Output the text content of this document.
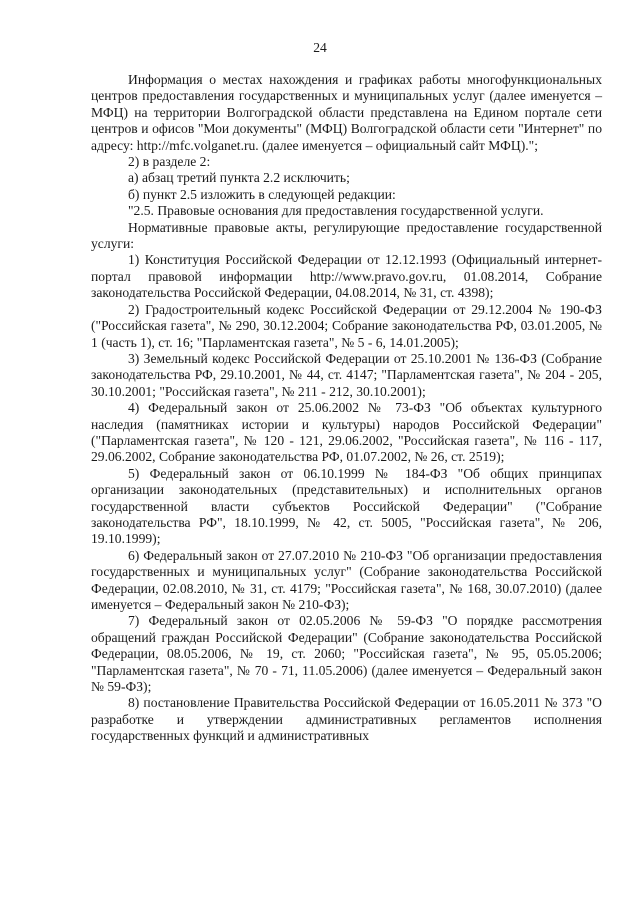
24

Информация о местах нахождения и графиках работы многофункциональных центров предоставления государственных и муниципальных услуг (далее именуется – МФЦ) на территории Волгоградской области представлена на Едином портале сети центров и офисов "Мои документы" (МФЦ) Волгоградской области сети "Интернет" по адресу: http://mfc.volganet.ru. (далее именуется – официальный сайт МФЦ).";

2) в разделе 2:

а) абзац третий пункта 2.2 исключить;

б) пункт 2.5 изложить в следующей редакции:

"2.5. Правовые основания для предоставления государственной услуги.

Нормативные правовые акты, регулирующие предоставление государственной услуги:

1) Конституция Российской Федерации от 12.12.1993 (Официальный интернет-портал правовой информации http://www.pravo.gov.ru, 01.08.2014, Собрание законодательства Российской Федерации, 04.08.2014, № 31, ст. 4398);

2) Градостроительный кодекс Российской Федерации от 29.12.2004 № 190-ФЗ ("Российская газета", № 290, 30.12.2004; Собрание законодательства РФ, 03.01.2005, № 1 (часть 1), ст. 16; "Парламентская газета", № 5 - 6, 14.01.2005);

3) Земельный кодекс Российской Федерации от 25.10.2001 № 136-ФЗ (Собрание законодательства РФ, 29.10.2001, № 44, ст. 4147; "Парламентская газета", № 204 - 205, 30.10.2001; "Российская газета", № 211 - 212, 30.10.2001);

4) Федеральный закон от 25.06.2002 № 73-ФЗ "Об объектах культурного наследия (памятниках истории и культуры) народов Российской Федерации" ("Парламентская газета", № 120 - 121, 29.06.2002, "Российская газета", № 116 - 117, 29.06.2002, Собрание законодательства РФ, 01.07.2002, № 26, ст. 2519);

5) Федеральный закон от 06.10.1999 № 184-ФЗ "Об общих принципах организации законодательных (представительных) и исполнительных органов государственной власти субъектов Российской Федерации" ("Собрание законодательства РФ", 18.10.1999, № 42, ст. 5005, "Российская газета", № 206, 19.10.1999);

6) Федеральный закон от 27.07.2010 № 210-ФЗ "Об организации предоставления государственных и муниципальных услуг" (Собрание законодательства Российской Федерации, 02.08.2010, № 31, ст. 4179; "Российская газета", № 168, 30.07.2010) (далее именуется – Федеральный закон № 210-ФЗ);

7) Федеральный закон от 02.05.2006 № 59-ФЗ "О порядке рассмотрения обращений граждан Российской Федерации" (Собрание законодательства Российской Федерации, 08.05.2006, № 19, ст. 2060; "Российская газета", № 95, 05.05.2006; "Парламентская газета", № 70 - 71, 11.05.2006) (далее именуется – Федеральный закон № 59-ФЗ);

8) постановление Правительства Российской Федерации от 16.05.2011 № 373 "О разработке и утверждении административных регламентов исполнения государственных функций и административных
